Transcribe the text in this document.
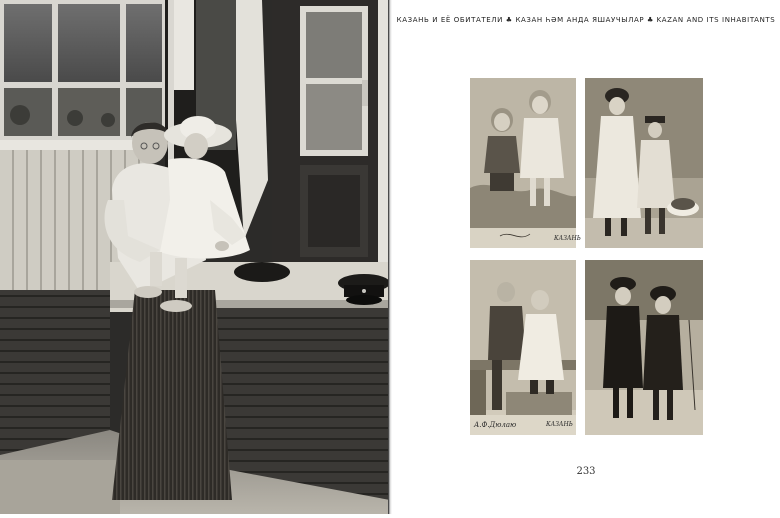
КАЗАНЬ И ЕЁ ОБИТАТЕЛИ ♣ КАЗАН ҺӘМ АНДА ЯШАУЧЫЛАР ♣ KAZAN AND ITS INHABITANTS
КАЗАНЬ
А.Ф.Дюлаю	КАЗАНЬ
233
